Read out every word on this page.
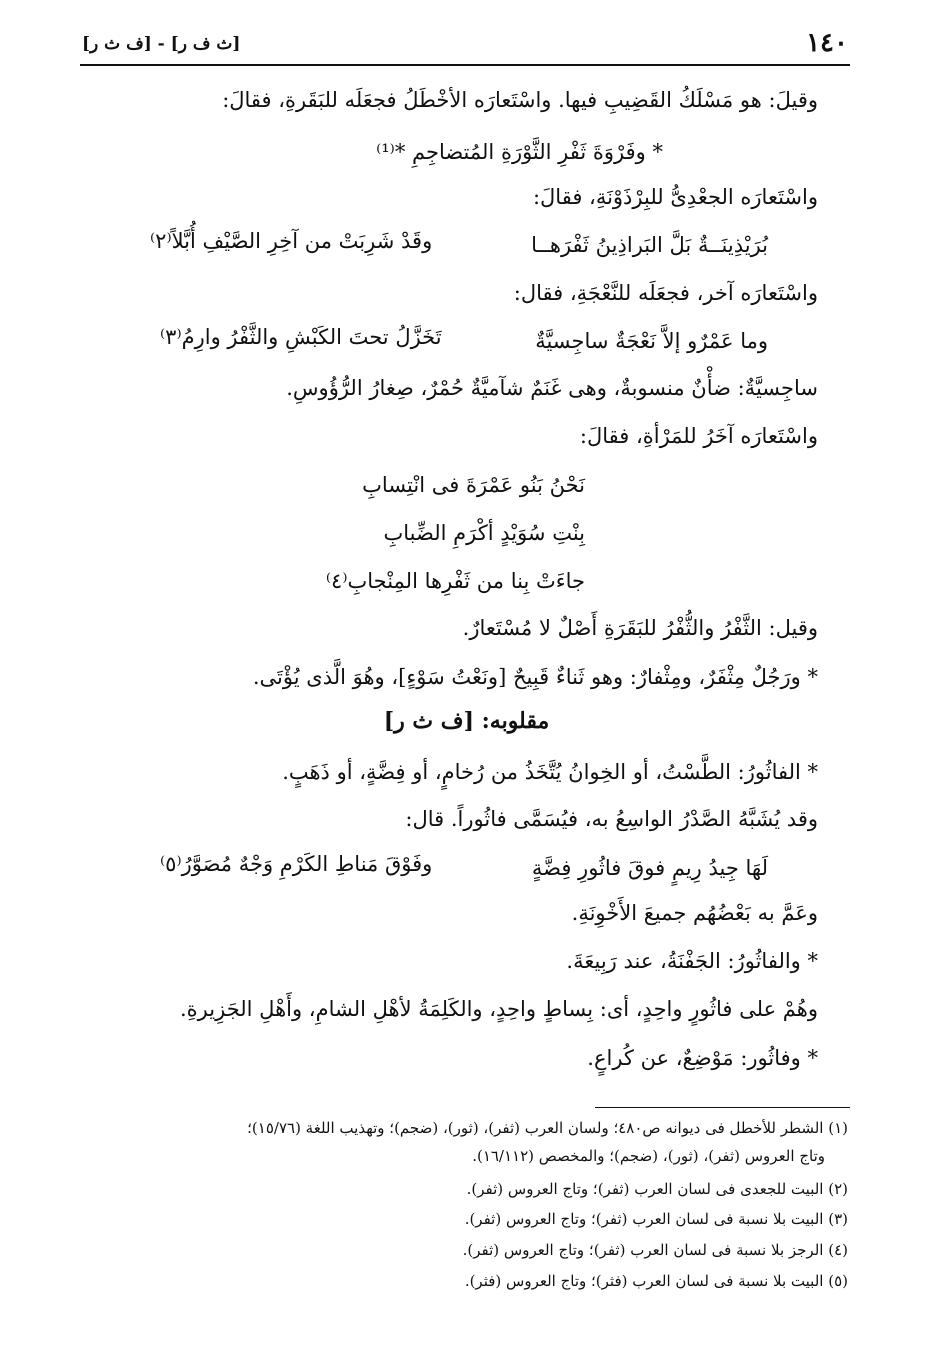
١٤٠
[ث ف ر] - [ف ث ر]
وقيلَ: هو مَسْلَكُ القَضِيبِ فيها. واسْتَعارَه الأخْطَلُ فجعَلَه للبَقَرةِ، فقالَ:
* وفَرْوَةَ ثَفْرِ الثَّوْرَةِ المُتضاجِمِ *⁽¹⁾
واسْتَعارَه الجعْدِىُّ للبِرْذَوْنَةِ، فقالَ:
بُرَيْذِينَــةٌ بَلَّ البَراذِينُ ثَفْرَهــا
وقَدْ شَرِبَتْ من آخِرِ الصَّيْفِ أُبَّلاً⁽٢⁾
واسْتَعارَه آخر، فجعَلَه للنَّعْجَةِ، فقال:
وما عَمْرٌو إلاَّ نَعْجَةٌ ساجِسيَّةٌ
تَخَزَّلُ تحتَ الكَبْشِ والثَّفْرُ وارِمُ⁽٣⁾
ساجِسيَّةٌ: ضأْنٌ منسوبةٌ، وهى غَنَمٌ شآميَّةٌ حُمْرٌ، صِغارُ الرُّؤُوسِ.
واسْتَعارَه آخَرُ للمَرْأةِ، فقالَ:
نَحْنُ بَنُو عَمْرَةَ فى انْتِسابِ
بِنْتِ سُوَيْدٍ أكْرَمِ الضِّبابِ
جاءَتْ بِنا من ثَفْرِها المِنْجابِ⁽٤⁾
وقيل: الثَّفْرُ والثُّفْرُ للبَقَرَةِ أَصْلٌ لا مُسْتَعارٌ.
* ورَجُلٌ مِثْفَرٌ، ومِثْفارٌ: وهو ثَناءٌ قَبِيحٌ [ونَعْتُ سَوْءٍ]، وهُوَ الَّذى يُؤْتَى.
مقلوبه: [ف ث ر]
* الفاثُورُ: الطَّسْتُ، أو الخِوانُ يُتَّخَذُ من رُخامٍ، أو فِضَّةٍ، أو ذَهَبٍ.
وقد يُشَبَّهُ الصَّدْرُ الواسِعُ به، فيُسَمَّى فاثُوراً. قال:
لَهَا جِيدُ رِيمٍ فوقَ فاثُورِ فِضَّةٍ
وفَوْقَ مَناطِ الكَرْمِ وَجْهٌ مُصَوَّرُ⁽٥⁾
وعَمَّ به بَعْضُهُم جميعَ الأَخْوِنَةِ.
* والفاثُورُ: الجَفْنَةُ، عند رَبِيعَةَ.
وهُمْ على فاثُورٍ واحِدٍ، أى: بِساطٍ واحِدٍ، والكَلِمَةُ لأهْلِ الشامِ، وأَهْلِ الجَزِيرةِ.
* وفاثُور: مَوْضِعٌ، عن كُراعٍ.
(١) الشطر للأخطل فى ديوانه ص٤٨٠؛ ولسان العرب (ثفر)، (ثور)، (ضجم)؛ وتهذيب اللغة (١٥/٧٦)؛
وتاج العروس (ثفر)، (ثور)، (ضجم)؛ والمخصص (١٦/١١٢).
(٢) البيت للجعدى فى لسان العرب (ثفر)؛ وتاج العروس (ثفر).
(٣) البيت بلا نسبة فى لسان العرب (ثفر)؛ وتاج العروس (ثفر).
(٤) الرجز بلا نسبة فى لسان العرب (ثفر)؛ وتاج العروس (ثفر).
(٥) البيت بلا نسبة فى لسان العرب (فثر)؛ وتاج العروس (فثر).
